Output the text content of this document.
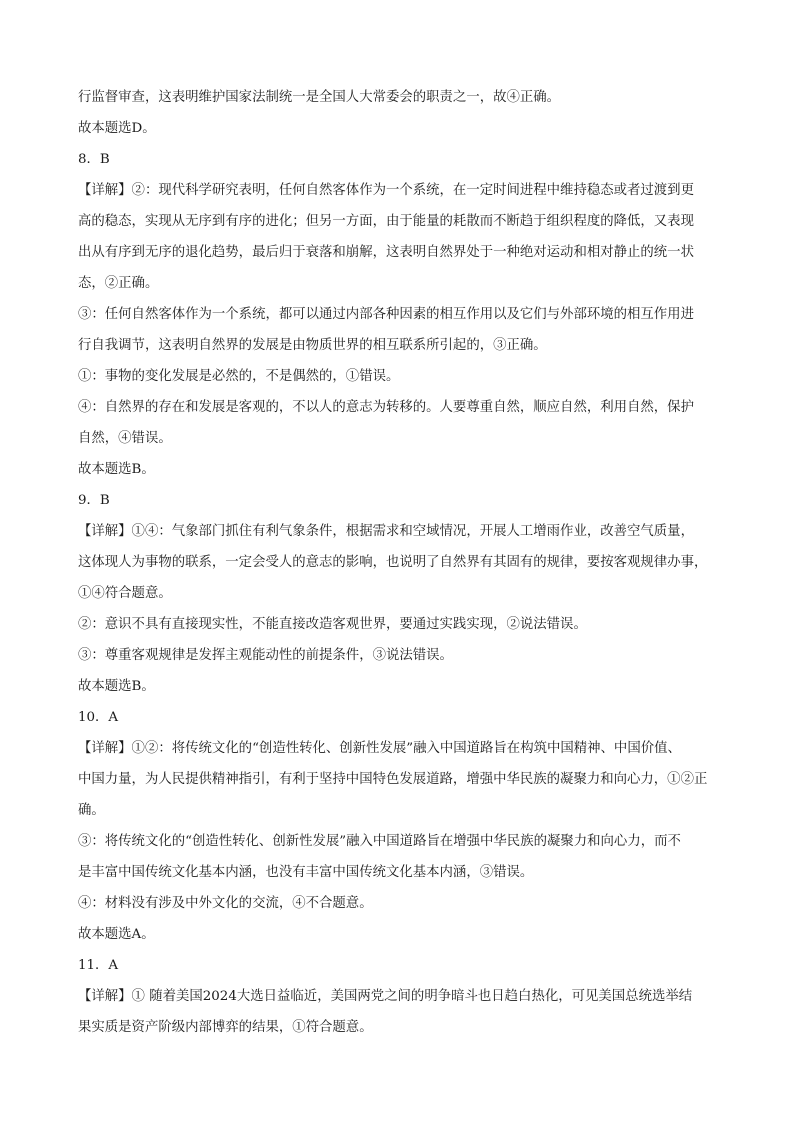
行监督审查，这表明维护国家法制统一是全国人大常委会的职责之一，故④正确。

故本题选D。

8．B

【详解】②：现代科学研究表明，任何自然客体作为一个系统，在一定时间进程中维持稳态或者过渡到更

高的稳态，实现从无序到有序的进化；但另一方面，由于能量的耗散而不断趋于组织程度的降低，又表现

出从有序到无序的退化趋势，最后归于衰落和崩解，这表明自然界处于一种绝对运动和相对静止的统一状

态，②正确。

③：任何自然客体作为一个系统，都可以通过内部各种因素的相互作用以及它们与外部环境的相互作用进

行自我调节，这表明自然界的发展是由物质世界的相互联系所引起的，③正确。

①：事物的变化发展是必然的，不是偶然的，①错误。

④：自然界的存在和发展是客观的，不以人的意志为转移的。人要尊重自然，顺应自然，利用自然，保护

自然，④错误。

故本题选B。

9．B

【详解】①④：气象部门抓住有利气象条件，根据需求和空域情况，开展人工增雨作业，改善空气质量，

这体现人为事物的联系，一定会受人的意志的影响，也说明了自然界有其固有的规律，要按客观规律办事，

①④符合题意。

②：意识不具有直接现实性，不能直接改造客观世界，要通过实践实现，②说法错误。

③：尊重客观规律是发挥主观能动性的前提条件，③说法错误。

故本题选B。

10．A

【详解】①②：将传统文化的“创造性转化、创新性发展”融入中国道路旨在构筑中国精神、中国价值、

中国力量，为人民提供精神指引，有利于坚持中国特色发展道路，增强中华民族的凝聚力和向心力，①②正

确。

③：将传统文化的“创造性转化、创新性发展”融入中国道路旨在增强中华民族的凝聚力和向心力，而不

是丰富中国传统文化基本内涵，也没有丰富中国传统文化基本内涵，③错误。

④：材料没有涉及中外文化的交流，④不合题意。

故本题选A。

11．A

【详解】① 随着美国2024大选日益临近，美国两党之间的明争暗斗也日趋白热化，可见美国总统选举结

果实质是资产阶级内部博弈的结果，①符合题意。
